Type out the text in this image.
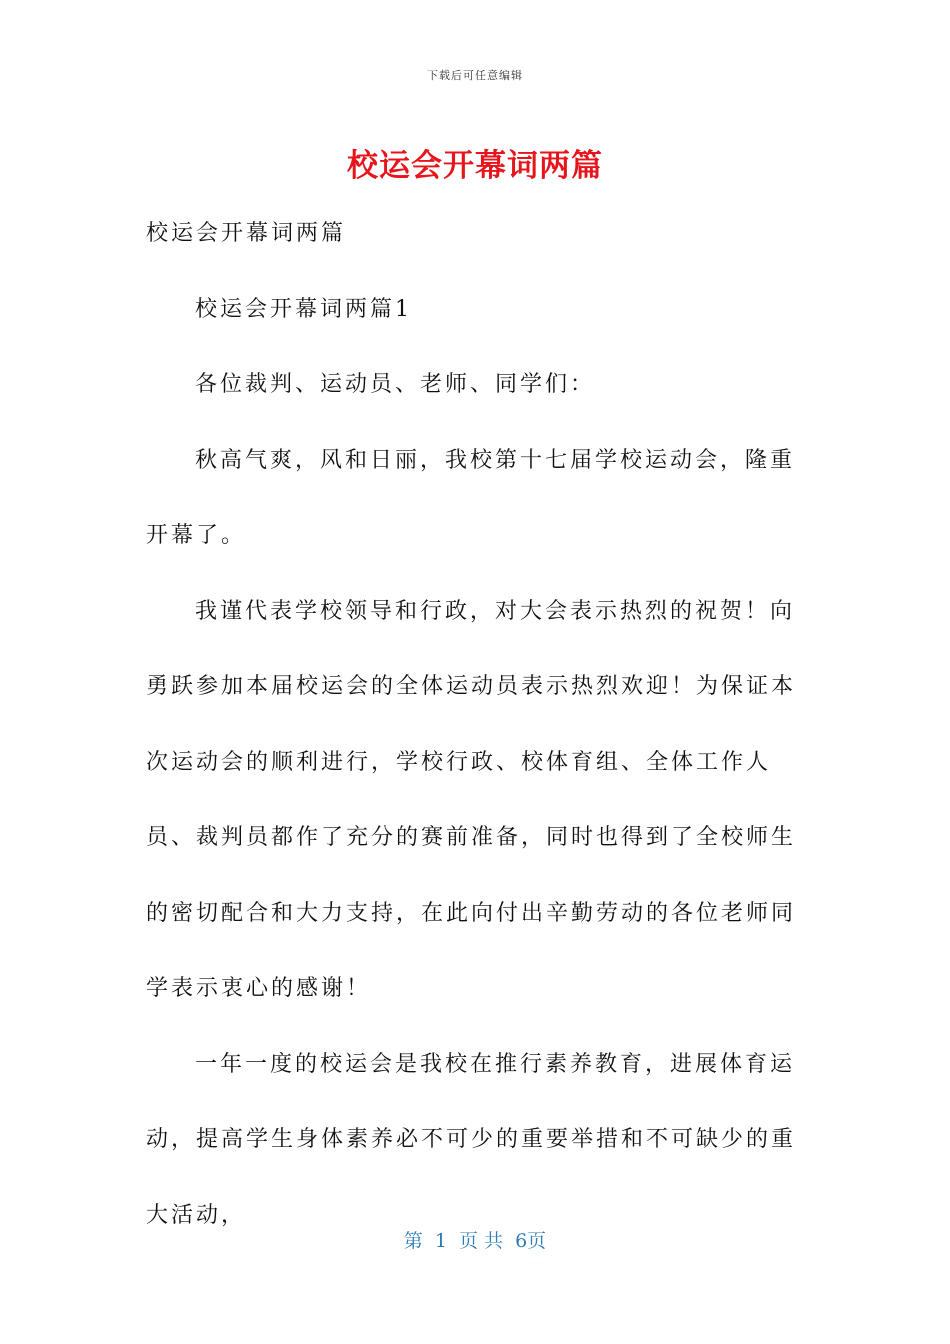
下载后可任意编辑
校运会开幕词两篇

校运会开幕词两篇

校运会开幕词两篇1

各位裁判、运动员、老师、同学们：

秋高气爽，风和日丽，我校第十七届学校运动会，隆重开幕了。

我谨代表学校领导和行政，对大会表示热烈的祝贺！向勇跃参加本届校运会的全体运动员表示热烈欢迎！为保证本次运动会的顺利进行，学校行政、校体育组、全体工作人员、裁判员都作了充分的赛前准备，同时也得到了全校师生的密切配合和大力支持，在此向付出辛勤劳动的各位老师同学表示衷心的感谢！

一年一度的校运会是我校在推行素养教育，进展体育运动，提高学生身体素养必不可少的重要举措和不可缺少的重大活动，

第 1 页 共 6页
